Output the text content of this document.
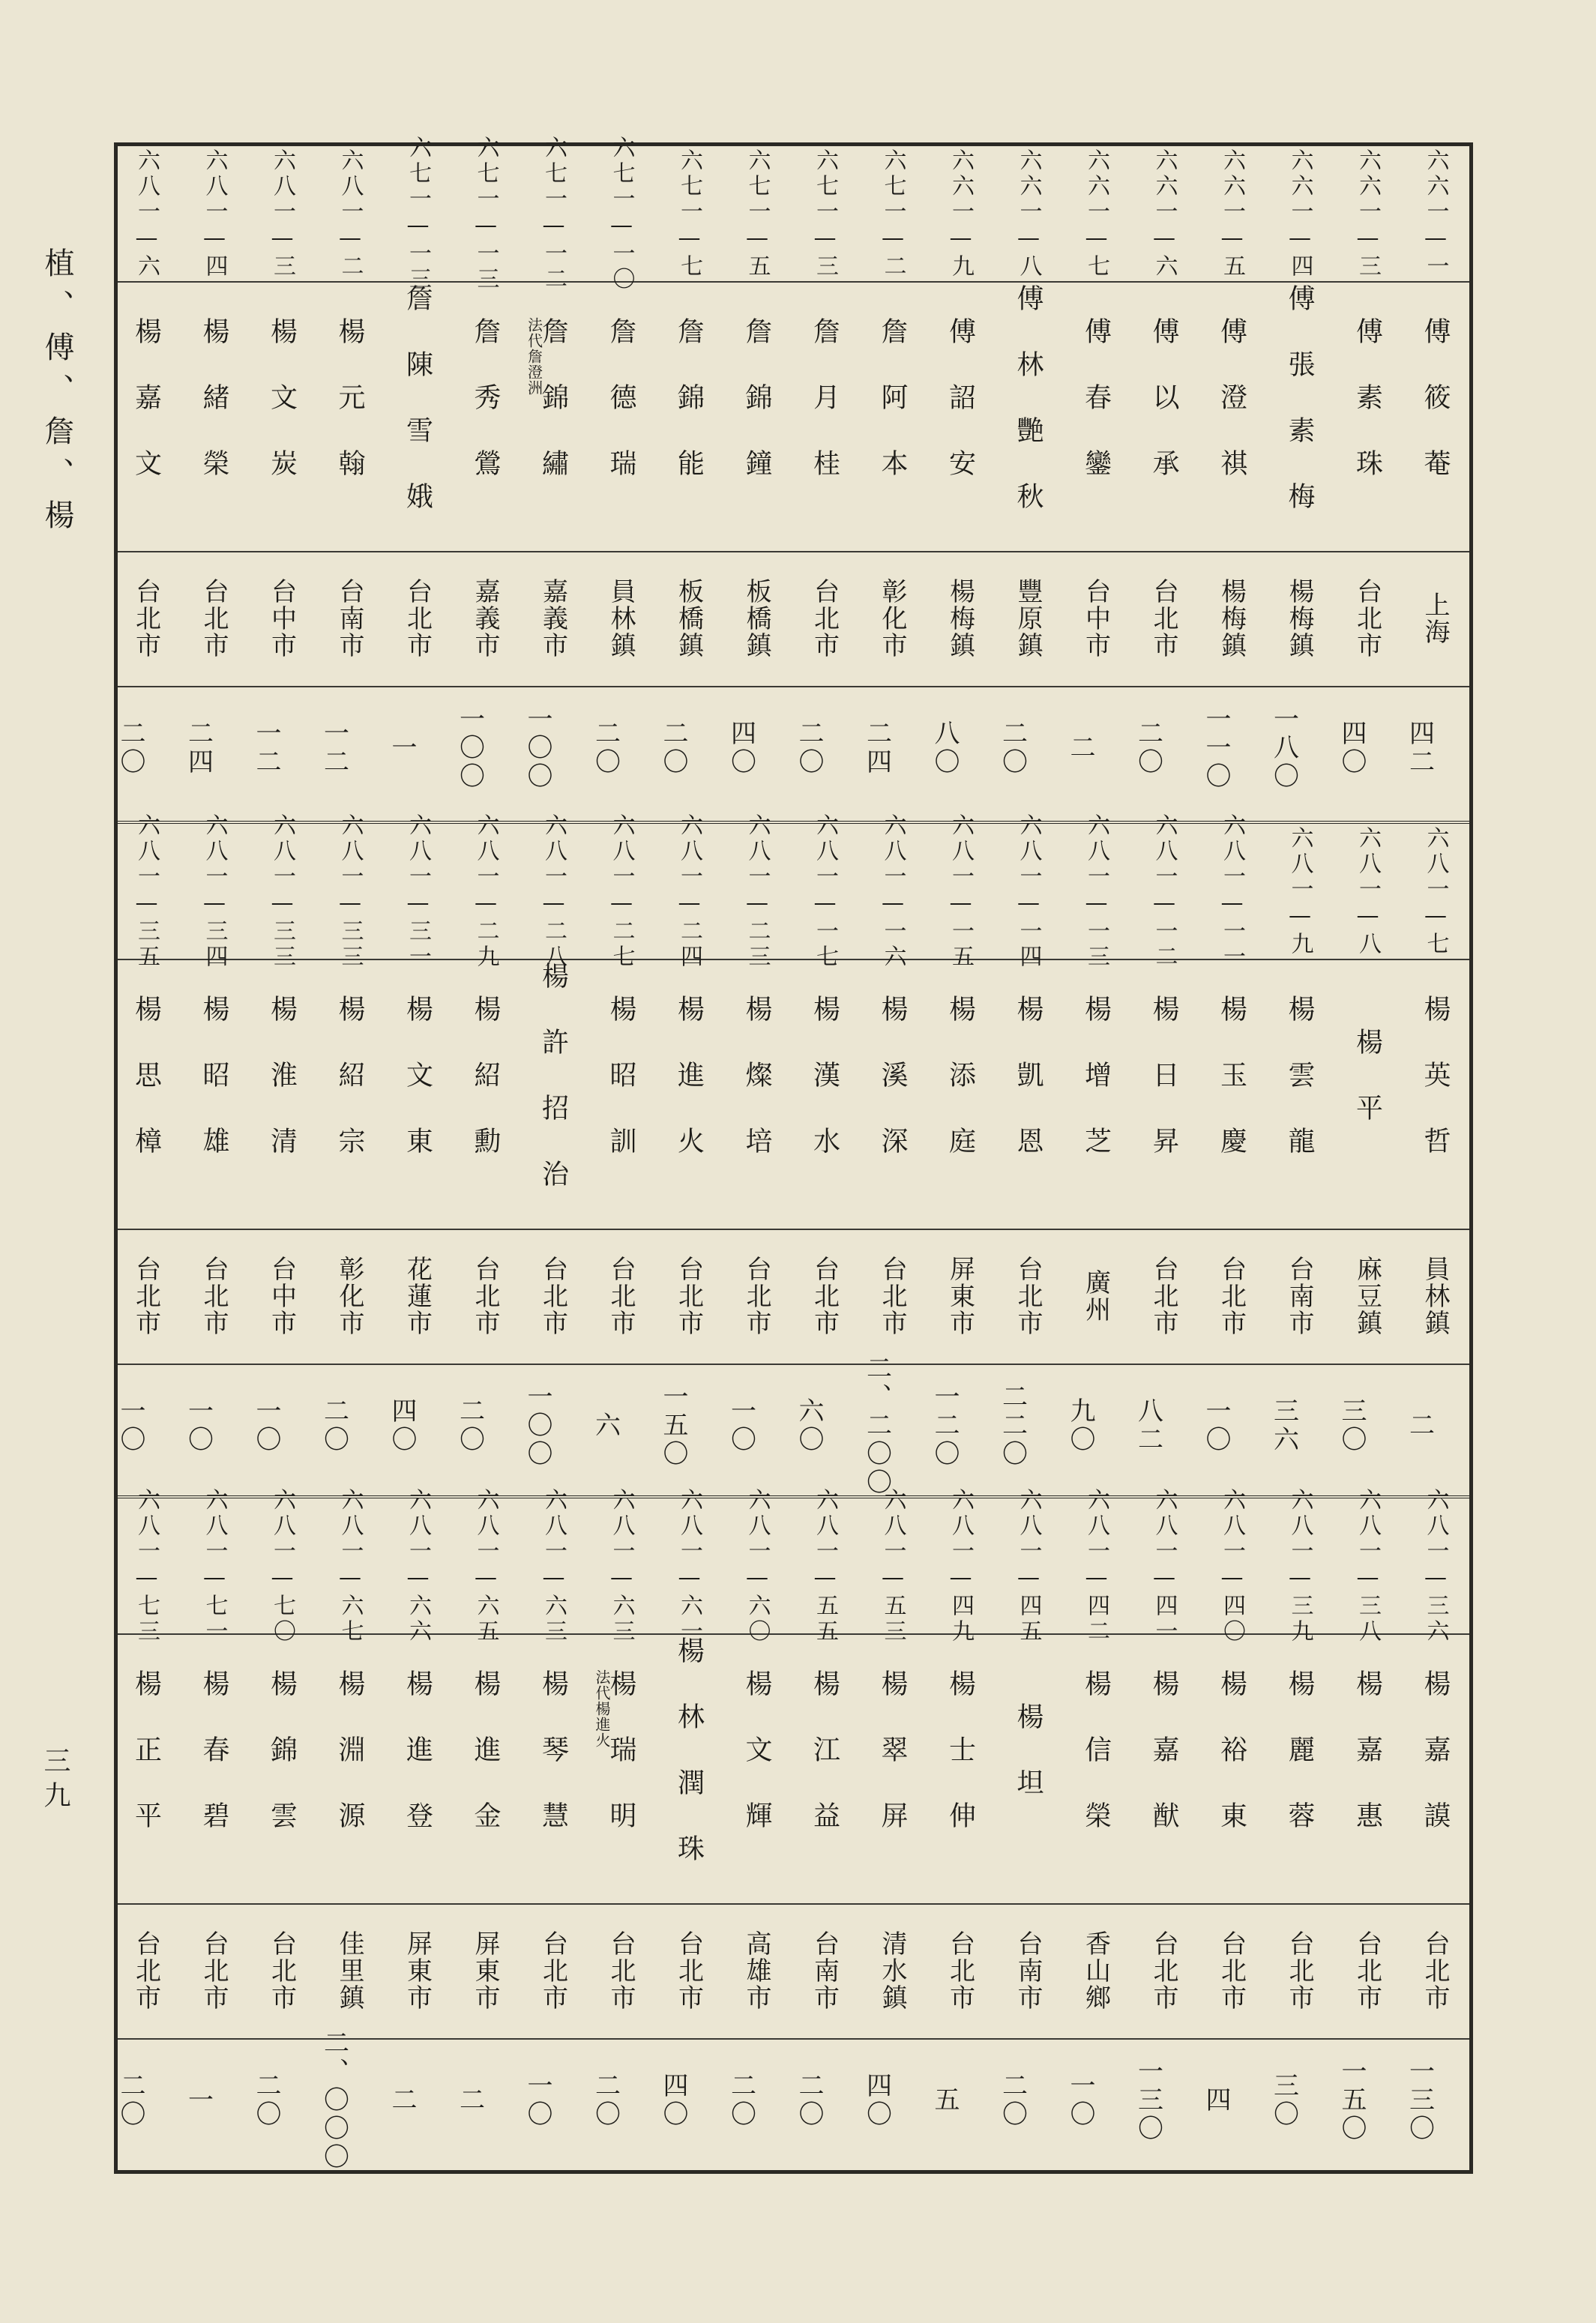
植、傅、詹、楊
三九
六六一—一
傅筱菴
上海
四二
六六一—三
傅素珠
台北市
四〇
六六一—四
傅張素梅
楊梅鎮
一八〇
六六一—五
傅澄祺
楊梅鎮
一一〇
六六一—六
傅以承
台北市
二〇
六六一—七
傅春鑾
台中市
二
六六一—八
傅林艷秋
豐原鎮
二〇
六六一—九
傅詔安
楊梅鎮
八〇
六七一—二
詹阿本
彰化市
二四
六七一—三
詹月桂
台北市
二〇
六七一—五
詹錦鐘
板橋鎮
四〇
六七一—七
詹錦能
板橋鎮
二〇
六七一—一〇
詹德瑞
員林鎮
二〇
六七一—一二
詹錦繡
嘉義市
一〇〇
法代詹澄洲
六七一—一三
詹秀鶯
嘉義市
一〇〇
六七一—一三
詹陳雪娥
台北市
一
六八一—二
楊元翰
台南市
一二
六八一—三
楊文炭
台中市
一二
六八一—四
楊緒榮
台北市
二四
六八一—六
楊嘉文
台北市
二〇
六八一—七
楊英哲
員林鎮
二
六八一—八
楊平
麻豆鎮
三〇
六八一—九
楊雲龍
台南市
三六
六八一—一一
楊玉慶
台北市
一〇
六八一—一二
楊日昇
台北市
八二
六八一—一三
楊增芝
廣州
九〇
六八一—一四
楊凱恩
台北市
二二〇
六八一—一五
楊添庭
屏東市
一二〇
六八一—一六
楊溪深
台北市
二、二〇〇
六八一—一七
楊漢水
台北市
六〇
六八一—二三
楊燦培
台北市
一〇
六八一—二四
楊進火
台北市
一五〇
六八一—二七
楊昭訓
台北市
六
六八一—二八
楊許招治
台北市
一〇〇
六八一—二九
楊紹勳
台北市
二〇
六八一—三一
楊文東
花蓮市
四〇
六八一—三三
楊紹宗
彰化市
二〇
六八一—三三
楊淮清
台中市
一〇
六八一—三四
楊昭雄
台北市
一〇
六八一—三五
楊思樟
台北市
一〇
六八一—三六
楊嘉謨
台北市
一三〇
六八一—三八
楊嘉惠
台北市
一五〇
六八一—三九
楊麗蓉
台北市
三〇
六八一—四〇
楊裕東
台北市
四
六八一—四一
楊嘉猷
台北市
一三〇
六八一—四二
楊信榮
香山鄉
一〇
六八一—四五
楊坦
台南市
二〇
六八一—四九
楊士伸
台北市
五
六八一—五三
楊翠屏
清水鎮
四〇
六八一—五五
楊江益
台南市
二〇
六八一—六〇
楊文輝
高雄市
二〇
六八一—六一
楊林潤珠
台北市
四〇
六八一—六三
楊瑞明
台北市
二〇
法代楊進火
六八一—六三
楊琴慧
台北市
一〇
六八一—六五
楊進金
屏東市
二
六八一—六六
楊進登
屏東市
二
六八一—六七
楊淵源
佳里鎮
二、〇〇〇
六八一—七〇
楊錦雲
台北市
二〇
六八一—七一
楊春碧
台北市
一
六八一—七三
楊正平
台北市
二〇
